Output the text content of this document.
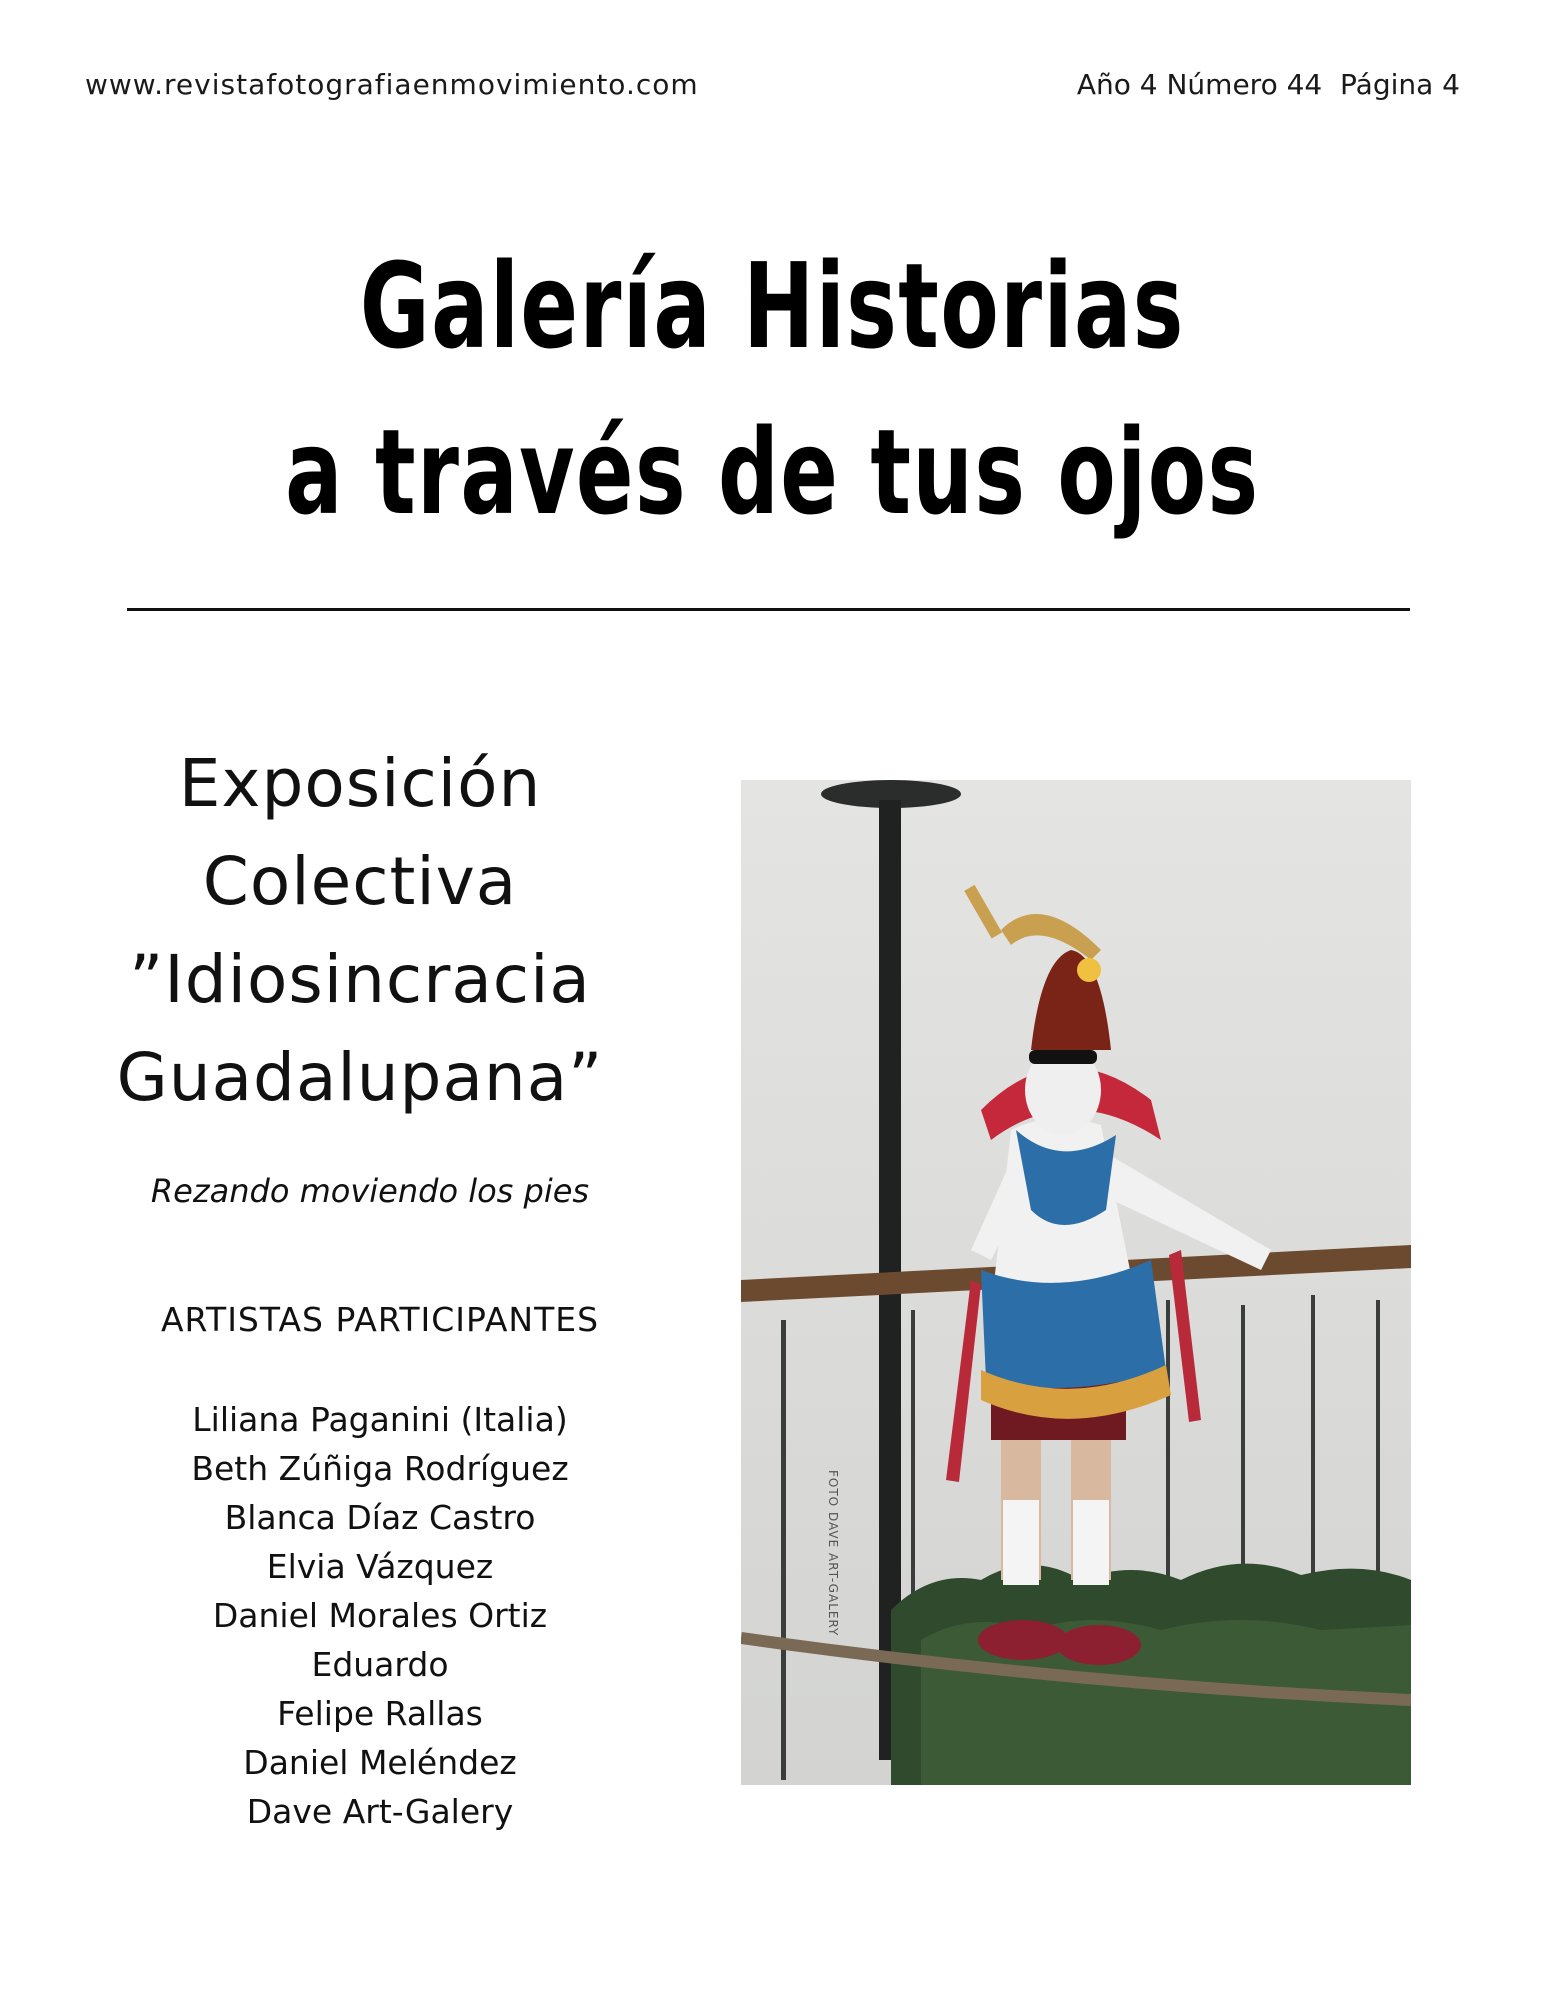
www.revistafotografiaenmovimiento.com	Año 4 Número 44  Página 4
Galería Historias
a través de tus ojos
Exposición
Colectiva
”Idiosincracia
Guadalupana”
Rezando moviendo los pies
ARTISTAS PARTICIPANTES
Liliana Paganini (Italia)
Beth Zúñiga Rodríguez
Blanca Díaz Castro
Elvia Vázquez
Daniel Morales Ortiz
Eduardo
Felipe Rallas
Daniel Meléndez
Dave Art-Galery
FOTO DAVE ART-GALERY
